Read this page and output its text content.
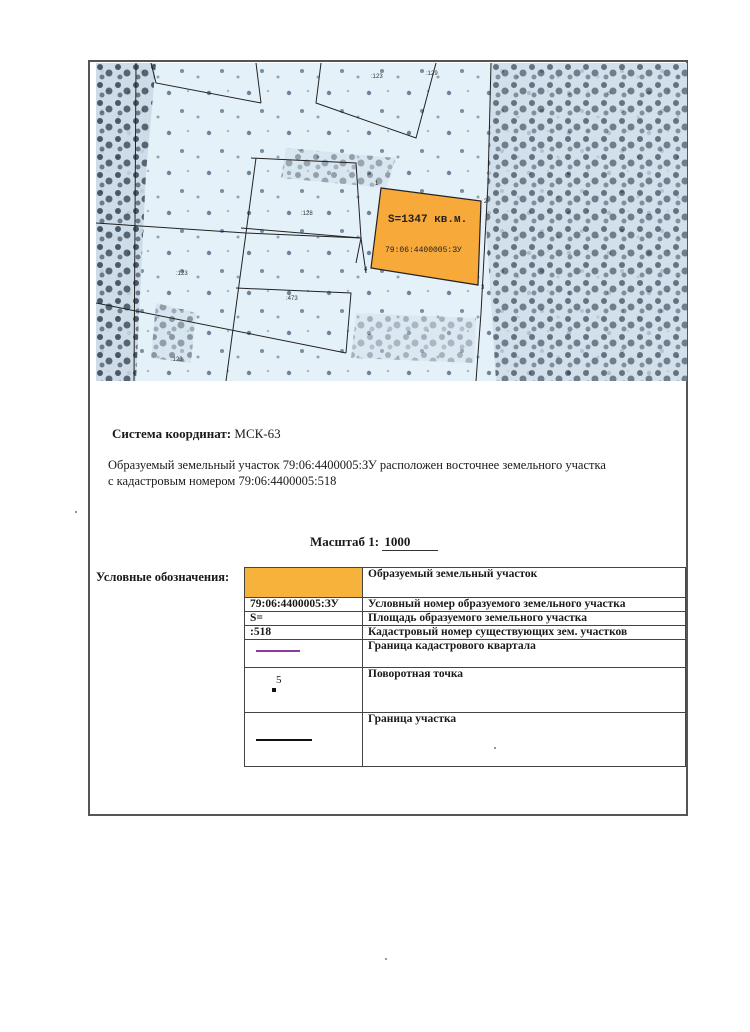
S=1347 кв.м.
79:06:4400005:ЗУ
:123
:128
:123
:123
:473
:129
1
2
3
4
Система координат: МСК-63
Образуемый земельный участок 79:06:4400005:ЗУ расположен восточнее земельного участка
с кадастровым номером 79:06:4400005:518
Масштаб 1: 1000
Условные обозначения:
		Образуемый земельный участок
79:06:4400005:ЗУ	Условный номер образуемого земельного участка
S=	Площадь образуемого земельного участка
:518	Кадастровый номер существующих зем. участков
	Граница кадастрового квартала

5	Поворотная точка
	Граница участка
